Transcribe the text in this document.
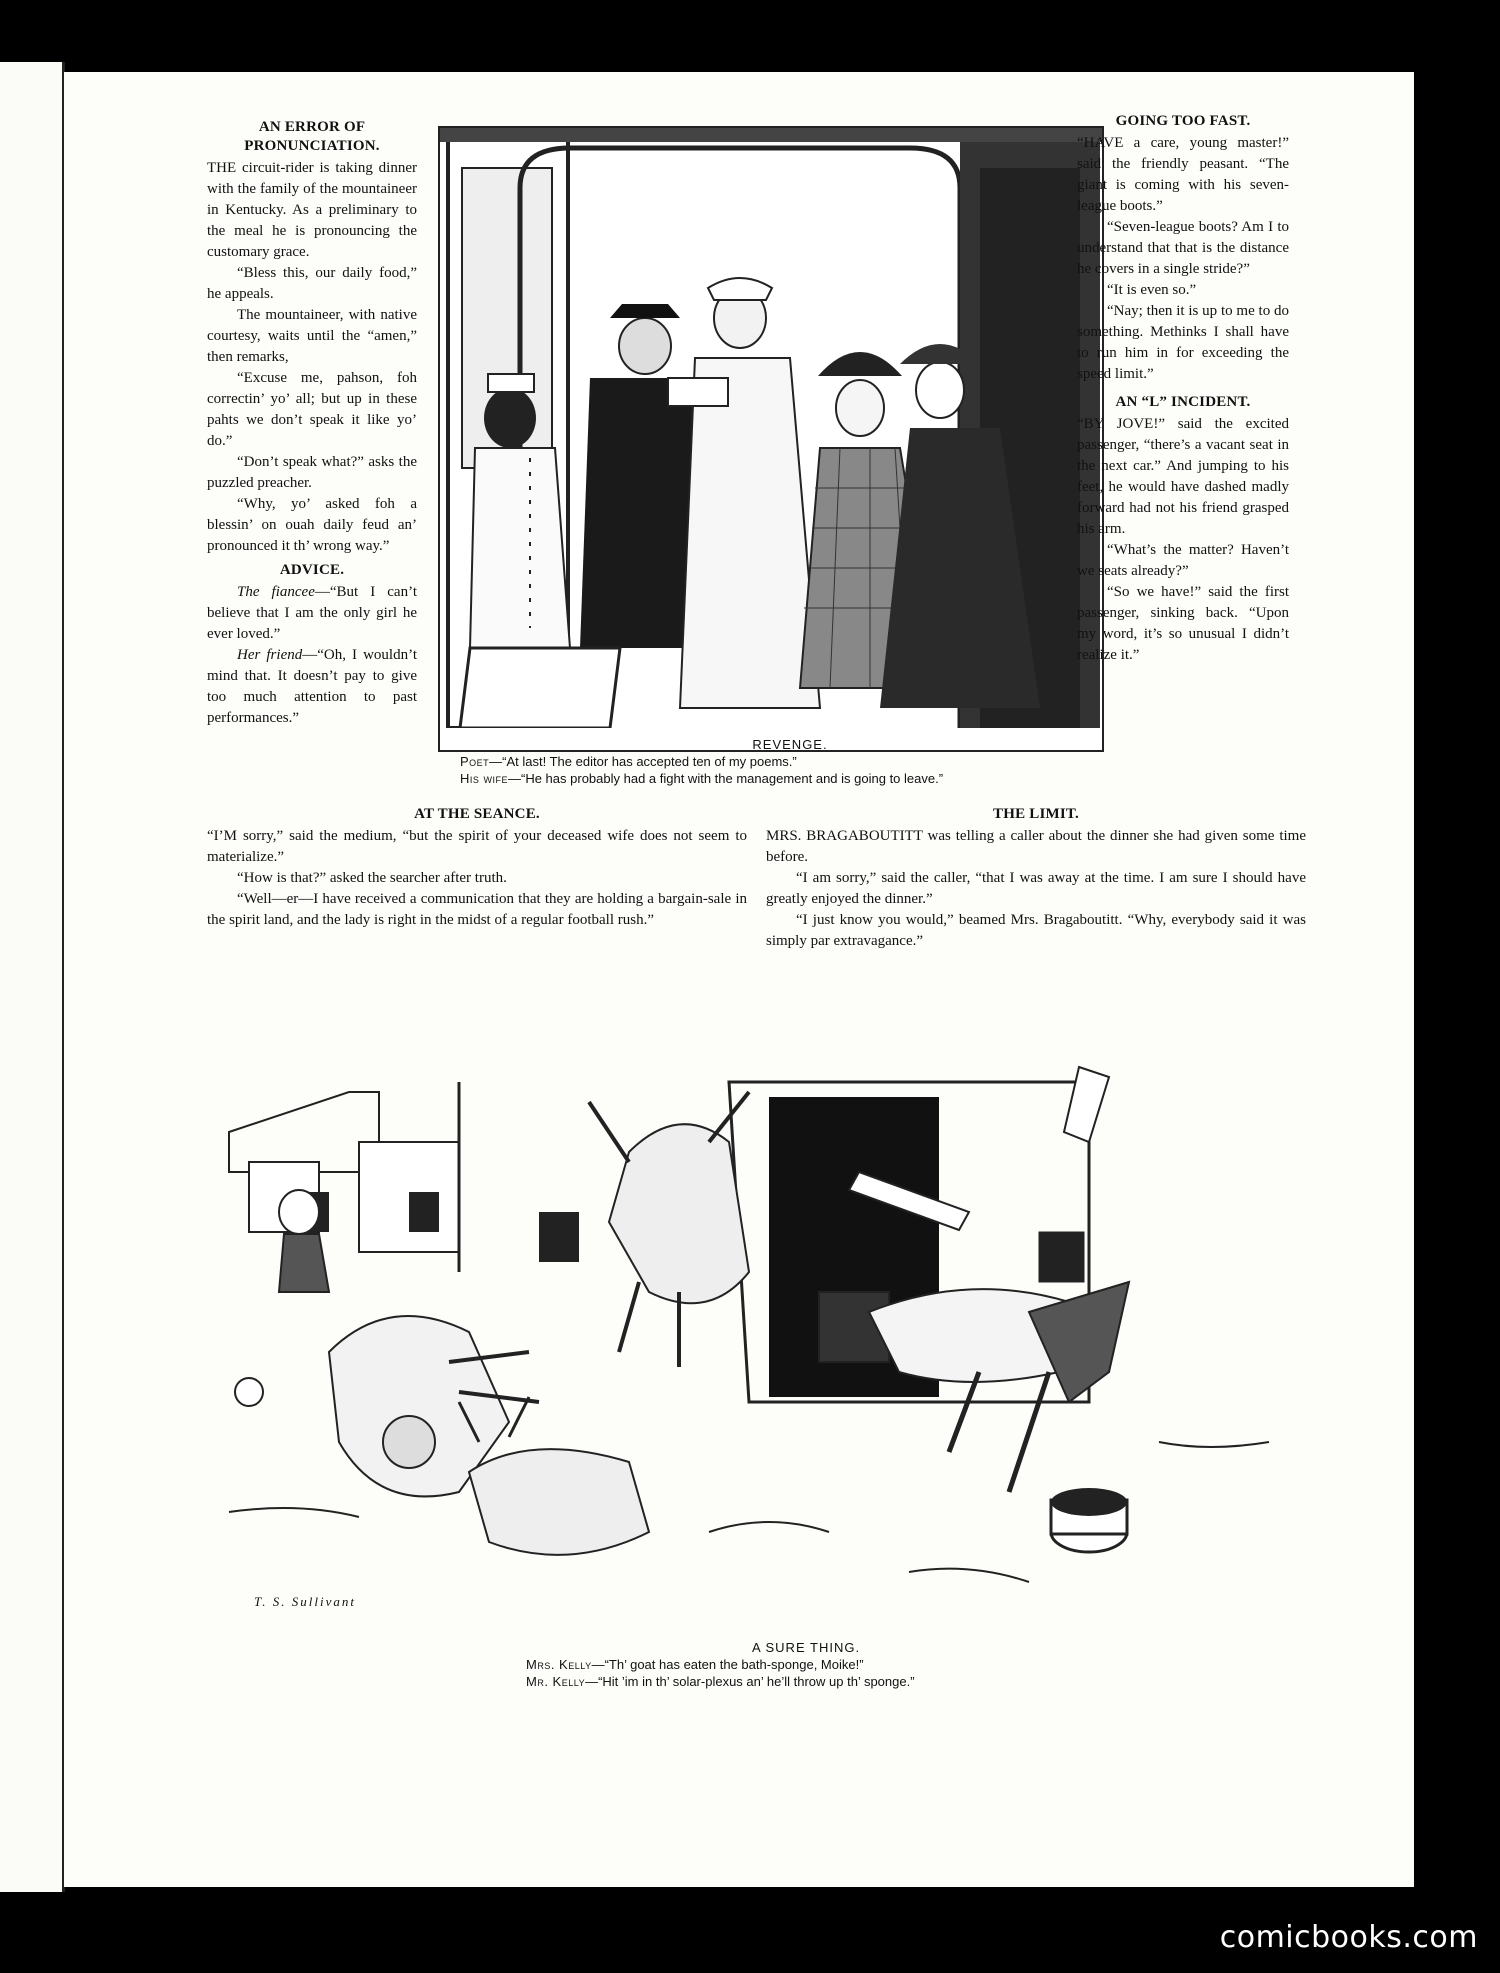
AN ERROR OF PRONUNCIATION.

THE circuit-rider is taking dinner with the family of the mountaineer in Kentucky. As a preliminary to the meal he is pronouncing the customary grace.

“Bless this, our daily food,” he appeals.

The mountaineer, with native courtesy, waits until the “amen,” then remarks,

“Excuse me, pahson, foh correctin’ yo’ all; but up in these pahts we don’t speak it like yo’ do.”

“Don’t speak what?” asks the puzzled preacher.

“Why, yo’ asked foh a blessin’ on ouah daily feud an’ pronounced it th’ wrong way.”

ADVICE.

The fiancee—“But I can’t believe that I am the only girl he ever loved.”

Her friend—“Oh, I wouldn’t mind that. It doesn’t pay to give too much attention to past performances.”

REVENGE.
Poet—“At last! The editor has accepted ten of my poems.”
His wife—“He has probably had a fight with the management and is going to leave.”
GOING TOO FAST.

“HAVE a care, young master!” said the friendly peasant. “The giant is coming with his seven-league boots.”

“Seven-league boots? Am I to understand that that is the distance he covers in a single stride?”

“It is even so.”

“Nay; then it is up to me to do something. Methinks I shall have to run him in for exceeding the speed limit.”

AN “L” INCIDENT.

“BY JOVE!” said the excited passenger, “there’s a vacant seat in the next car.” And jumping to his feet, he would have dashed madly forward had not his friend grasped his arm.

“What’s the matter? Haven’t we seats already?”

“So we have!” said the first passenger, sinking back. “Upon my word, it’s so unusual I didn’t realize it.”

AT THE SEANCE.

“I’M sorry,” said the medium, “but the spirit of your deceased wife does not seem to materialize.”

“How is that?” asked the searcher after truth.

“Well—er—I have received a communication that they are holding a bargain-sale in the spirit land, and the lady is right in the midst of a regular football rush.”

THE LIMIT.

MRS. BRAGABOUTITT was telling a caller about the dinner she had given some time before.

“I am sorry,” said the caller, “that I was away at the time. I am sure I should have greatly enjoyed the dinner.”

“I just know you would,” beamed Mrs. Bragaboutitt. “Why, everybody said it was simply par extravagance.”

T. S. Sullivant
A SURE THING.
Mrs. Kelly—“Th’ goat has eaten the bath-sponge, Moike!”
Mr. Kelly—“Hit ’im in th’ solar-plexus an’ he’ll throw up th’ sponge.”
comicbooks.com
